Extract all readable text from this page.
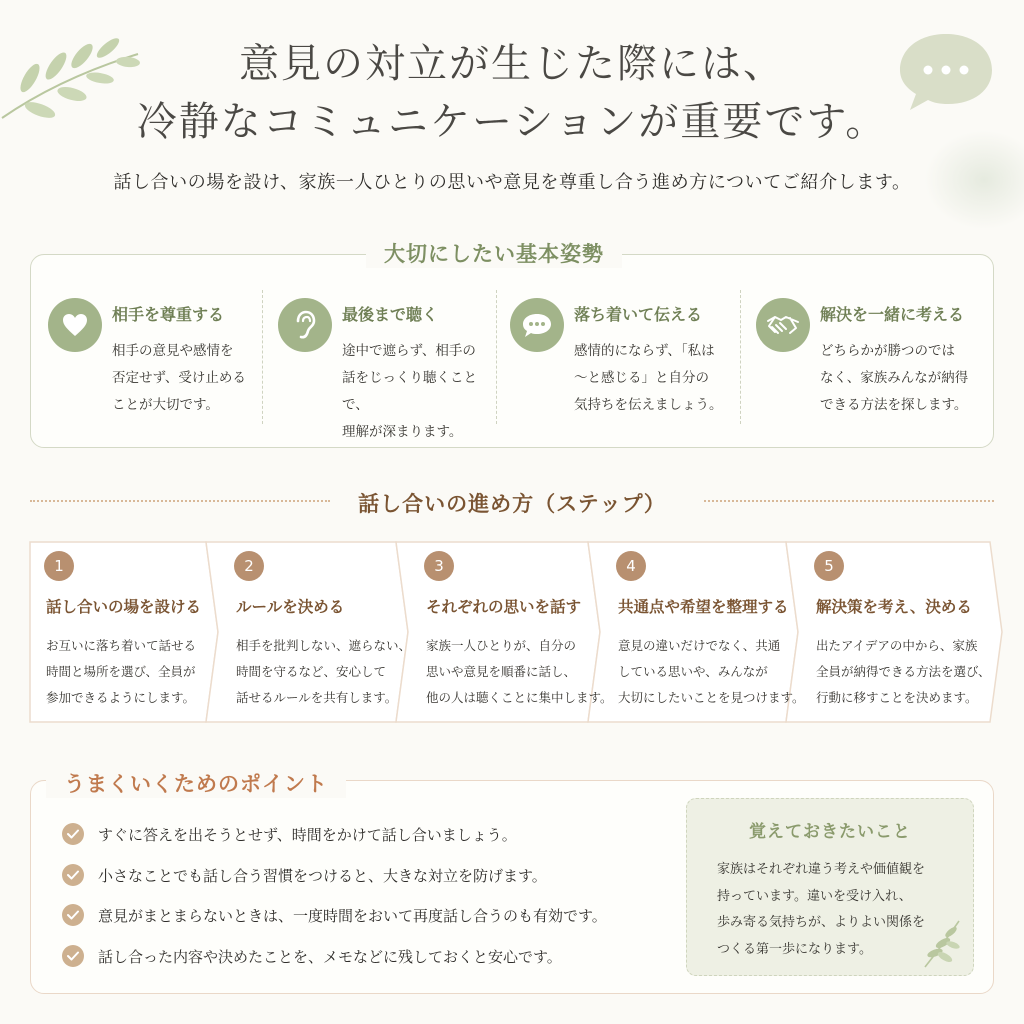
意見の対立が生じた際には、
冷静なコミュニケーションが重要です。
話し合いの場を設け、家族一人ひとりの思いや意見を尊重し合う進め方についてご紹介します。
大切にしたい基本姿勢
相手を尊重する
相手の意見や感情を
否定せず、受け止める
ことが大切です。
最後まで聴く
途中で遮らず、相手の
話をじっくり聴くことで、
理解が深まります。
落ち着いて伝える
感情的にならず、「私は
〜と感じる」と自分の
気持ちを伝えましょう。
解決を一緒に考える
どちらかが勝つのでは
なく、家族みんなが納得
できる方法を探します。
話し合いの進め方（ステップ）
1
話し合いの場を設ける
お互いに落ち着いて話せる
時間と場所を選び、全員が
参加できるようにします。
2
ルールを決める
相手を批判しない、遮らない、
時間を守るなど、安心して
話せるルールを共有します。
3
それぞれの思いを話す
家族一人ひとりが、自分の
思いや意見を順番に話し、
他の人は聴くことに集中します。
4
共通点や希望を整理する
意見の違いだけでなく、共通
している思いや、みんなが
大切にしたいことを見つけます。
5
解決策を考え、決める
出たアイデアの中から、家族
全員が納得できる方法を選び、
行動に移すことを決めます。
うまくいくためのポイント
すぐに答えを出そうとせず、時間をかけて話し合いましょう。
小さなことでも話し合う習慣をつけると、大きな対立を防げます。
意見がまとまらないときは、一度時間をおいて再度話し合うのも有効です。
話し合った内容や決めたことを、メモなどに残しておくと安心です。
覚えておきたいこと
家族はそれぞれ違う考えや価値観を
持っています。違いを受け入れ、
歩み寄る気持ちが、よりよい関係を
つくる第一歩になります。
